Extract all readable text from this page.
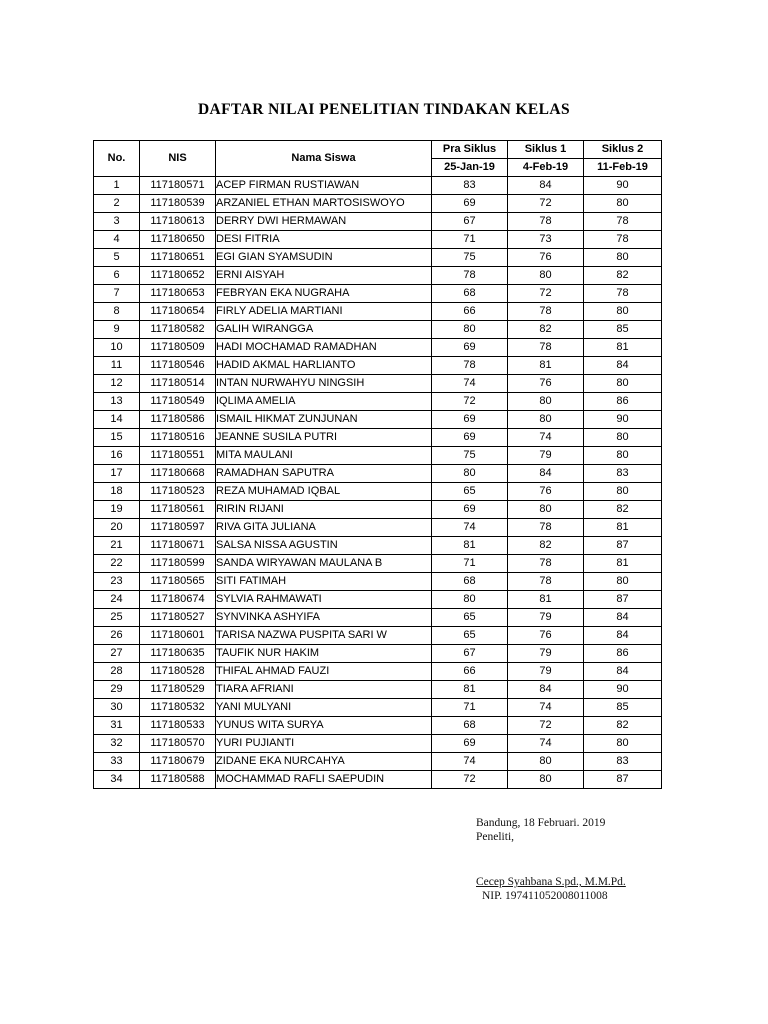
DAFTAR NILAI PENELITIAN TINDAKAN KELAS
No.	NIS	Nama Siswa	Pra Siklus	Siklus 1	Siklus 2
			25-Jan-19	4-Feb-19	11-Feb-19
1	117180571	ACEP FIRMAN RUSTIAWAN	83	84	90
2	117180539	ARZANIEL ETHAN MARTOSISWOYO	69	72	80
3	117180613	DERRY DWI HERMAWAN	67	78	78
4	117180650	DESI FITRIA	71	73	78
5	117180651	EGI GIAN SYAMSUDIN	75	76	80
6	117180652	ERNI AISYAH	78	80	82
7	117180653	FEBRYAN EKA NUGRAHA	68	72	78
8	117180654	FIRLY ADELIA MARTIANI	66	78	80
9	117180582	GALIH WIRANGGA	80	82	85
10	117180509	HADI MOCHAMAD RAMADHAN	69	78	81
11	117180546	HADID AKMAL HARLIANTO	78	81	84
12	117180514	INTAN NURWAHYU NINGSIH	74	76	80
13	117180549	IQLIMA AMELIA	72	80	86
14	117180586	ISMAIL HIKMAT ZUNJUNAN	69	80	90
15	117180516	JEANNE SUSILA PUTRI	69	74	80
16	117180551	MITA MAULANI	75	79	80
17	117180668	RAMADHAN SAPUTRA	80	84	83
18	117180523	REZA MUHAMAD IQBAL	65	76	80
19	117180561	RIRIN RIJANI	69	80	82
20	117180597	RIVA GITA JULIANA	74	78	81
21	117180671	SALSA NISSA AGUSTIN	81	82	87
22	117180599	SANDA WIRYAWAN MAULANA B	71	78	81
23	117180565	SITI FATIMAH	68	78	80
24	117180674	SYLVIA RAHMAWATI	80	81	87
25	117180527	SYNVINKA ASHYIFA	65	79	84
26	117180601	TARISA NAZWA PUSPITA SARI W	65	76	84
27	117180635	TAUFIK NUR HAKIM	67	79	86
28	117180528	THIFAL AHMAD FAUZI	66	79	84
29	117180529	TIARA AFRIANI	81	84	90
30	117180532	YANI MULYANI	71	74	85
31	117180533	YUNUS WITA SURYA	68	72	82
32	117180570	YURI PUJIANTI	69	74	80
33	117180679	ZIDANE EKA NURCAHYA	74	80	83
34	117180588	MOCHAMMAD RAFLI SAEPUDIN	72	80	87
Bandung, 18 Februari. 2019
Peneliti,
Cecep Syahbana S.pd., M.M.Pd.
NIP. 197411052008011008
